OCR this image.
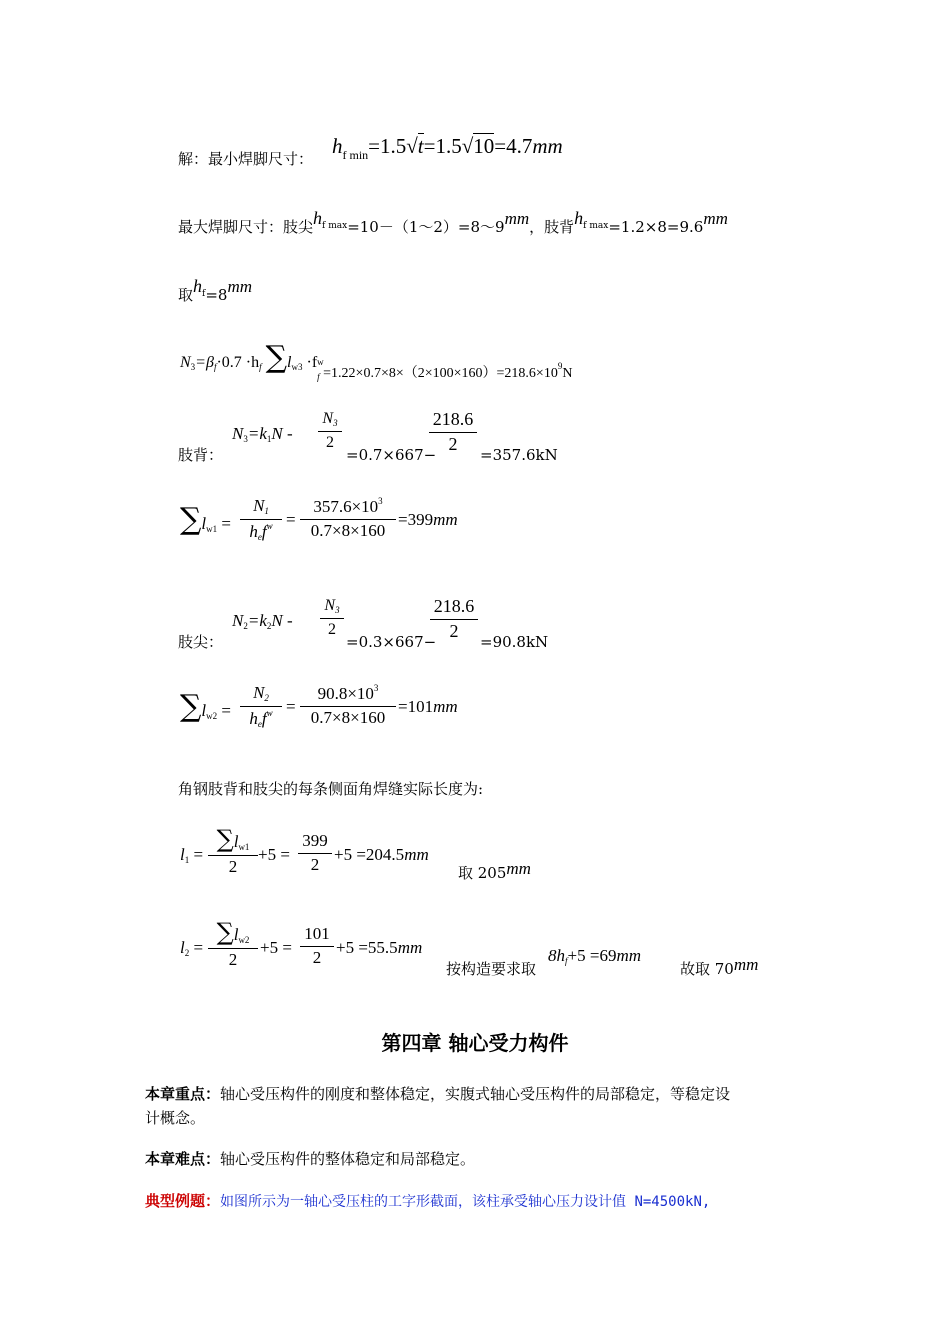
解：最小焊脚尺寸：
$h_{f min}=1.5√t=1.5√10=4.7mm$
最大焊脚尺寸：肢尖$h_{f max}=10-(1\sim 2)=8\sim 9mm$，肢背$h_{f max}=1.2\times 8=9.6mm$
取$h_f=8mm$
$N_3=\beta_f\cdot 0.7 \cdot h_f$ $\sum l_{w3} \cdot f$ w
f =1.22×0.7×8×（2×100×160）=218.6×109N
肢背：
$N_3=k_1N$ -
$N_3$
2
=0.7×667−
218.6
2
=357.6kN
$\sum l_{w1}$ =
$N_1$
$h_ef^w$ =
$357.6\times 10^3$
0.7×8×160
=399mm
肢尖：
$N_2=k_2N$ -
$N_3$
2
=0.3×667−
218.6
2
=90.8kN
$\sum l_{w2}$ =
$N_2$
$h_ef^w$ =
$90.8\times 10^3$
0.7×8×160
=101mm
角钢肢背和肢尖的每条侧面角焊缝实际长度为:
$l_1$ =
$\sum l_{w1}$
2
+5 =
399
2
+5 =204.5mm
取 205mm
$l_2$ =
$\sum l_{w2}$
2
+5 =
101
2
+5 =55.5mm
按构造要求取
$8h_f+5 =69mm$
故取 70mm
第四章 轴心受力构件
本章重点：轴心受压构件的刚度和整体稳定，实腹式轴心受压构件的局部稳定，等稳定设
计概念。
本章难点：轴心受压构件的整体稳定和局部稳定。
典型例题：如图所示为一轴心受压柱的工字形截面，该柱承受轴心压力设计值 N=4500kN,
